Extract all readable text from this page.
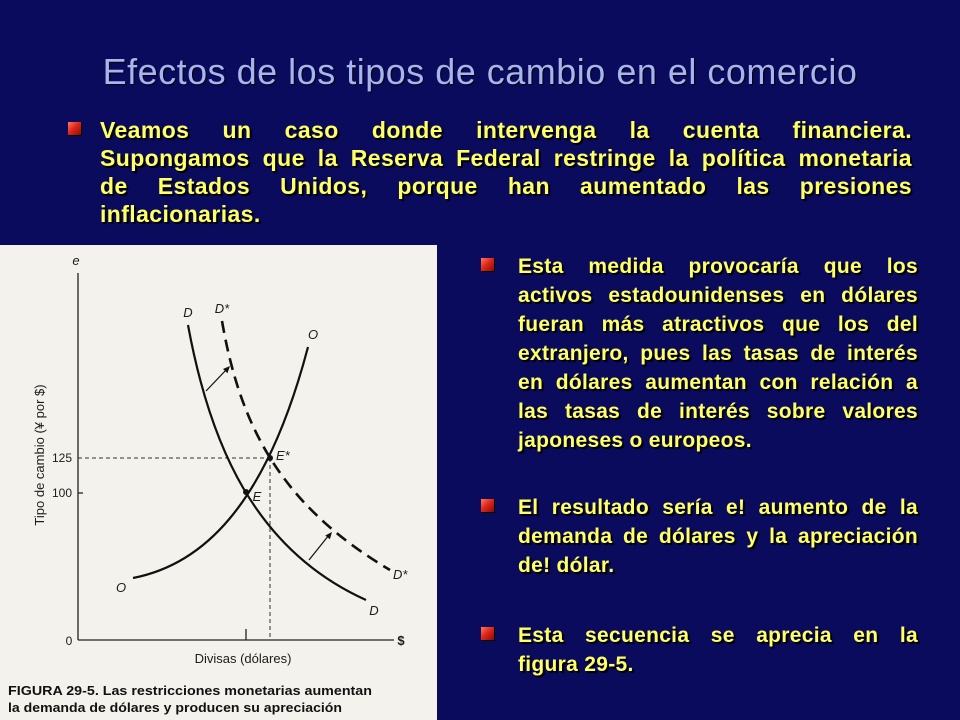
Efectos de los tipos de cambio en el comercio
Veamos un caso donde intervenga la cuenta financiera.
Supongamos que la Reserva Federal restringe la política monetaria
de Estados Unidos, porque han aumentado las presiones
inflacionarias.
e
$
0
125
100
D
D
D*
D*
O
O
E
E*
Tipo de cambio (¥ por $)
Divisas (dólares)
FIGURA 29-5. Las restricciones monetarias aumentan
la demanda de dólares y producen su apreciación
Esta medida provocaría que los
activos estadounidenses en dólares
fueran más atractivos que los del
extranjero, pues las tasas de interés
en dólares aumentan con relación a
las tasas de interés sobre valores
japoneses o europeos.
El resultado sería e! aumento de la
demanda de dólares y la apreciación
de! dólar.
Esta secuencia se aprecia en la
figura 29-5.
